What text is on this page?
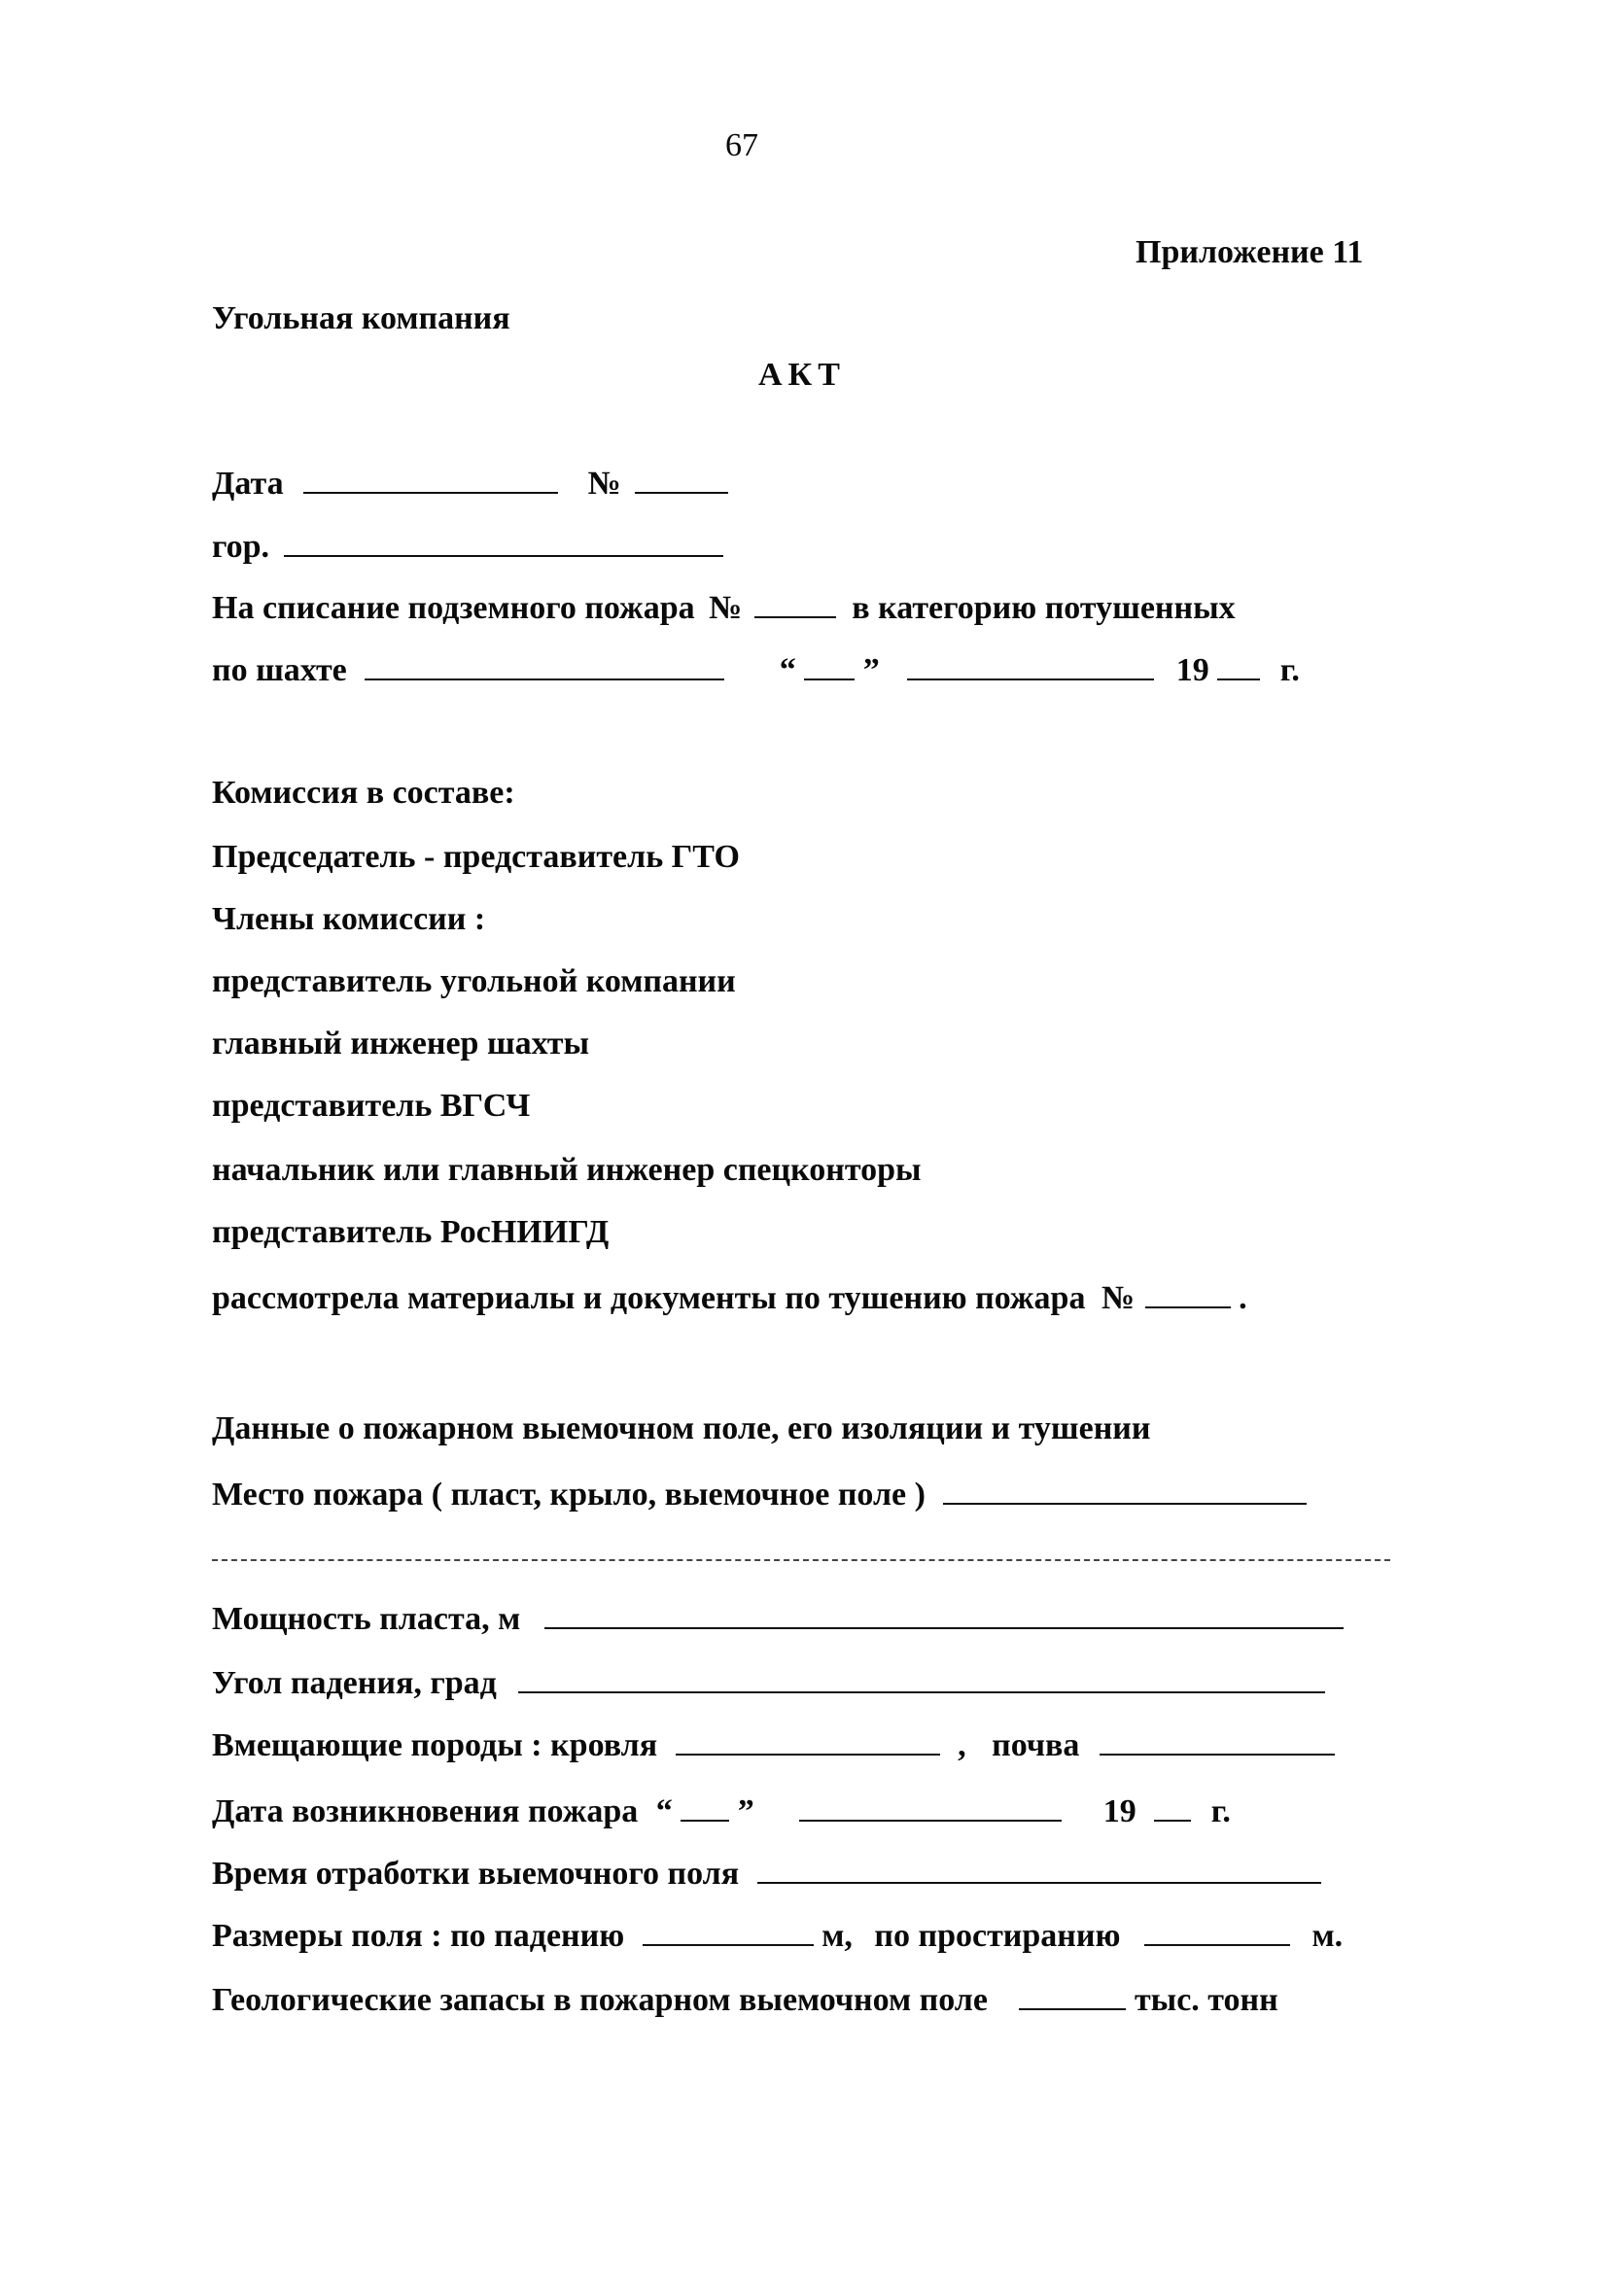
67
Приложение 11
Угольная компания
АКТ
Дата	№
гор.
На списание подземного пожара №	в категорию потушенных
по шахте	“ ”	19 г.
Комиссия в составе:
Председатель - представитель ГТО
Члены комиссии :
представитель угольной компании
главный инженер шахты
представитель ВГСЧ
начальник или главный инженер спецконторы
представитель РосНИИГД
рассмотрела материалы и документы по тушению пожара №	.
Данные о пожарном выемочном поле, его изоляции и тушении
Место пожара ( пласт, крыло, выемочное поле )
Мощность пласта, м
Угол падения, град
Вмещающие породы : кровля	, почва
Дата возникновения пожара “ ”	19 г.
Время отработки выемочного поля
Размеры поля : по падению	м, по простиранию	м.
Геологические запасы в пожарном выемочном поле	тыс. тонн
